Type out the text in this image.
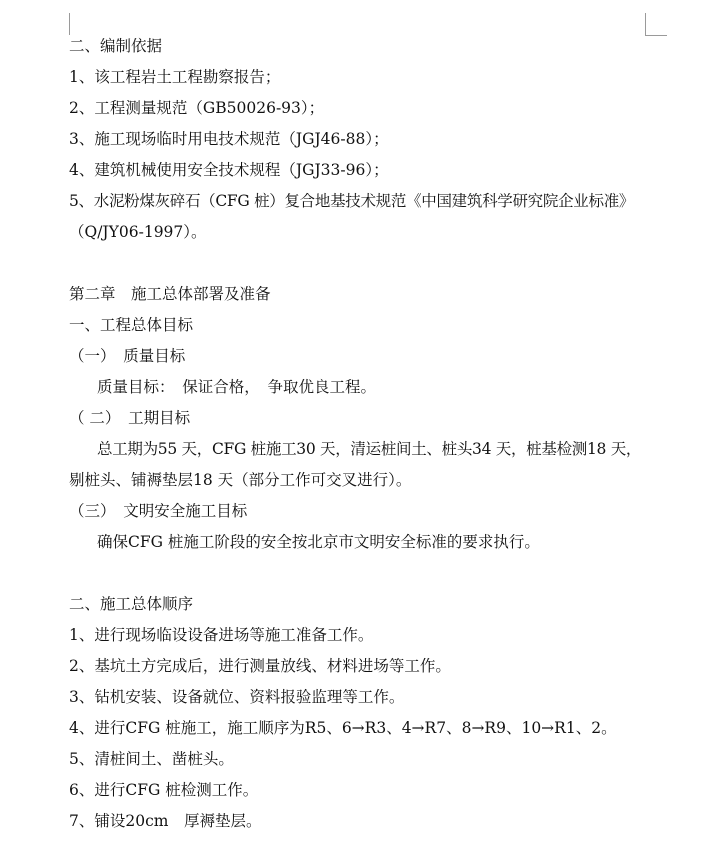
二、编制依据
1、该工程岩土工程勘察报告；
2、工程测量规范（GB50026-93）；
3、施工现场临时用电技术规范（JGJ46-88）；
4、建筑机械使用安全技术规程（JGJ33-96）；
5、水泥粉煤灰碎石（CFG 桩）复合地基技术规范《中国建筑科学研究院企业标准》
（Q/JY06-1997）。
第二章　施工总体部署及准备
一、工程总体目标
（一）　质量目标
质量目标：　保证合格，　争取优良工程。
（ 二）　工期目标
总工期为55 天，CFG 桩施工30 天，清运桩间土、桩头34 天，桩基检测18 天，
剔桩头、铺褥垫层18 天（部分工作可交叉进行）。
（三）　文明安全施工目标
确保CFG 桩施工阶段的安全按北京市文明安全标准的要求执行。
二、施工总体顺序
1、进行现场临设设备进场等施工准备工作。
2、基坑土方完成后，进行测量放线、材料进场等工作。
3、钻机安装、设备就位、资料报验监理等工作。
4、进行CFG 桩施工，施工顺序为R5、6→R3、4→R7、8→R9、10→R1、2。
5、清桩间土、凿桩头。
6、进行CFG 桩检测工作。
7、铺设20cm　厚褥垫层。
